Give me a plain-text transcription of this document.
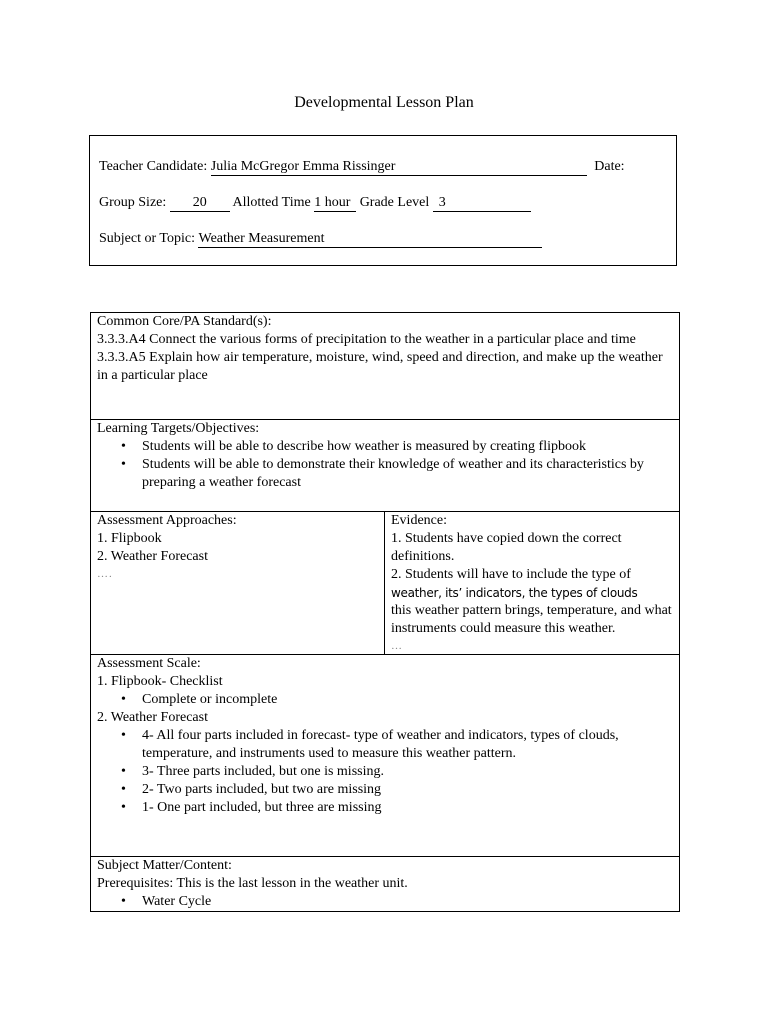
Developmental Lesson Plan
Teacher Candidate: Julia McGregor Emma Rissinger	Date:
Group Size: 20 Allotted Time 1 hour Grade Level 3
Subject or Topic: Weather Measurement
Common Core/PA Standard(s):
3.3.3.A4 Connect the various forms of precipitation to the weather in a particular place and time
3.3.3.A5 Explain how air temperature, moisture, wind, speed and direction, and make up the weather in a particular place

Learning Targets/Objectives:
• Students will be able to describe how weather is measured by creating flipbook
• Students will be able to demonstrate their knowledge of weather and its characteristics by preparing a weather forecast

Assessment Approaches:
1. Flipbook
2. Weather Forecast
….

Evidence:
1. Students have copied down the correct definitions.
2. Students will have to include the type of
weather, its’ indicators, the types of clouds
this weather pattern brings, temperature, and what instruments could measure this weather.
…

Assessment Scale:
1. Flipbook- Checklist
• Complete or incomplete
2. Weather Forecast
• 4- All four parts included in forecast- type of weather and indicators, types of clouds, temperature, and instruments used to measure this weather pattern.
• 3- Three parts included, but one is missing.
• 2- Two parts included, but two are missing
• 1- One part included, but three are missing

Subject Matter/Content:
Prerequisites: This is the last lesson in the weather unit.
• Water Cycle
